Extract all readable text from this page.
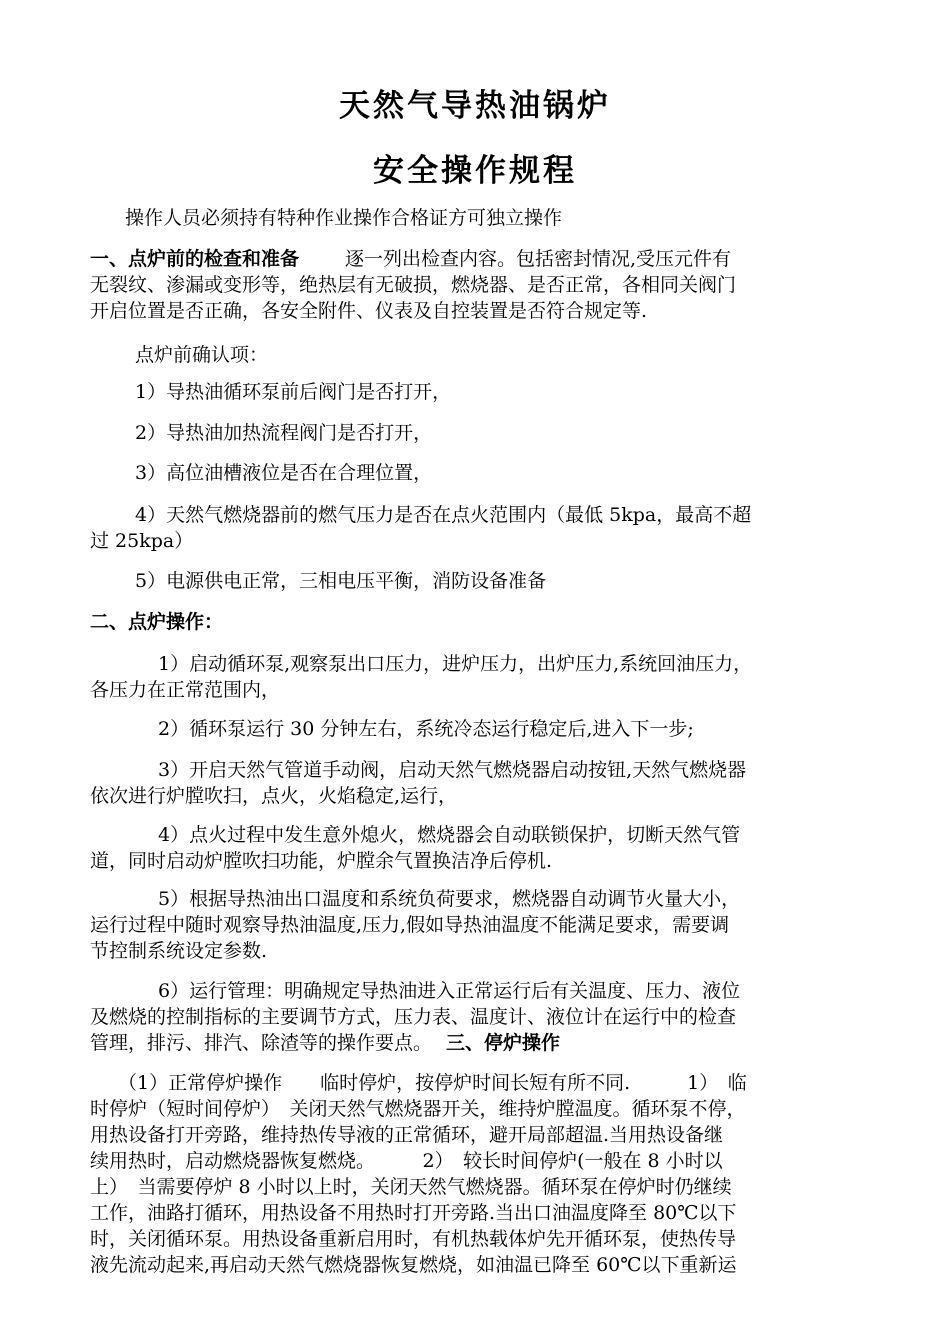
天然气导热油锅炉
安全操作规程
操作人员必须持有特种作业操作合格证方可独立操作
一、点炉前的检查和准备 逐一列出检查内容。包括密封情况,受压元件有
无裂纹、渗漏或变形等，绝热层有无破损，燃烧器、是否正常，各相同关阀门
开启位置是否正确，各安全附件、仪表及自控装置是否符合规定等.
点炉前确认项：
1）导热油循环泵前后阀门是否打开，
2）导热油加热流程阀门是否打开，
3）高位油槽液位是否在合理位置，
4）天然气燃烧器前的燃气压力是否在点火范围内（最低 5kpa，最高不超
过 25kpa）
5）电源供电正常，三相电压平衡，消防设备准备
二、点炉操作：
1）启动循环泵,观察泵出口压力，进炉压力，出炉压力,系统回油压力，
各压力在正常范围内，
2）循环泵运行 30 分钟左右，系统冷态运行稳定后,进入下一步;
3）开启天然气管道手动阀，启动天然气燃烧器启动按钮,天然气燃烧器
依次进行炉膛吹扫，点火，火焰稳定,运行，
4）点火过程中发生意外熄火，燃烧器会自动联锁保护，切断天然气管
道，同时启动炉膛吹扫功能，炉膛余气置换洁净后停机.
5）根据导热油出口温度和系统负荷要求，燃烧器自动调节火量大小，
运行过程中随时观察导热油温度,压力,假如导热油温度不能满足要求，需要调
节控制系统设定参数.
6）运行管理：明确规定导热油进入正常运行后有关温度、压力、液位
及燃烧的控制指标的主要调节方式，压力表、温度计、液位计在运行中的检查
管理，排污、排汽、除渣等的操作要点。 三、停炉操作
（1）正常停炉操作　　临时停炉，按停炉时间长短有所不同.　　　1）　临
时停炉（短时间停炉）　关闭天然气燃烧器开关，维持炉膛温度。循环泵不停，
用热设备打开旁路，维持热传导液的正常循环，避开局部超温.当用热设备继
续用热时，启动燃烧器恢复燃烧。　　　2）　较长时间停炉(一般在 8 小时以
上）　当需要停炉 8 小时以上时，关闭天然气燃烧器。循环泵在停炉时仍继续
工作，油路打循环，用热设备不用热时打开旁路.当出口油温度降至 80℃以下
时，关闭循环泵。用热设备重新启用时，有机热载体炉先开循环泵，使热传导
液先流动起来,再启动天然气燃烧器恢复燃烧，如油温已降至 60℃以下重新运
